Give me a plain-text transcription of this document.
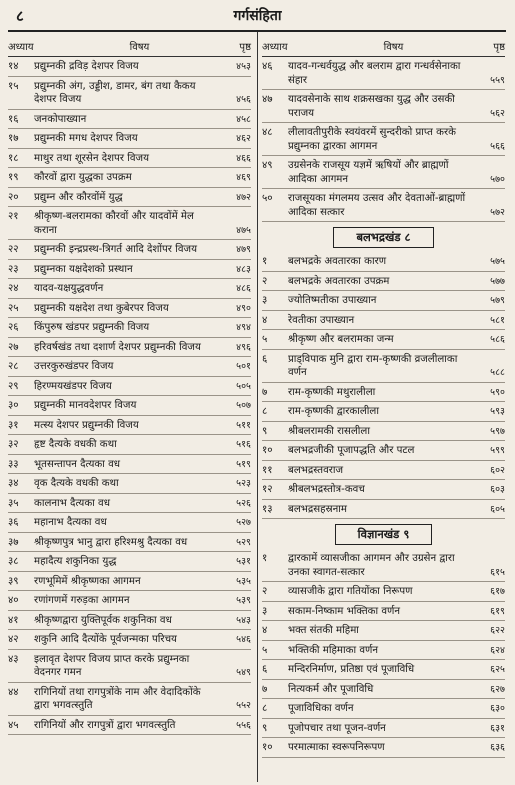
८	गर्गसंहिता
अध्याय	विषय	पृष्ठ
१४	प्रद्युम्नकी द्रविड़ देशपर विजय	४५३
१५	प्रद्युम्नकी अंग, उड्डीश, डामर, बंग तथा कैकय देशपर विजय	४५६
१६	जनकोपाख्यान	४५८
१७	प्रद्युम्नकी मगध देशपर विजय	४६२
१८	माथुर तथा शूरसेन देशपर विजय	४६६
१९	कौरवों द्वारा युद्धका उपक्रम	४६९
२०	प्रद्युम्न और कौरवोंमें युद्ध	४७२
२१	श्रीकृष्ण-बलरामका कौरवों और यादवोंमें मेल कराना	४७५
२२	प्रद्युम्नकी इन्द्रप्रस्थ-त्रिगर्त आदि देशोंपर विजय	४७९
२३	प्रद्युम्नका यक्षदेशको प्रस्थान	४८३
२४	यादव-यक्षयुद्धवर्णन	४८६
२५	प्रद्युम्नकी यक्षदेश तथा कुबेरपर विजय	४९०
२६	किंपुरुष खंडपर प्रद्युम्नकी विजय	४९४
२७	हरिवर्षखंड तथा दशार्ण देशपर प्रद्युम्नकी विजय	४९६
२८	उत्तरकुरुखंडपर विजय	५०१
२९	हिरण्मयखंडपर विजय	५०५
३०	प्रद्युम्नकी मानवदेशपर विजय	५०७
३१	मत्स्य देशपर प्रद्युम्नकी विजय	५११
३२	हृष्ट दैत्यके वधकी कथा	५१६
३३	भूतसन्तापन दैत्यका वध	५१९
३४	वृक दैत्यके वधकी कथा	५२३
३५	कालनाभ दैत्यका वध	५२६
३६	महानाभ दैत्यका वध	५२७
३७	श्रीकृष्णपुत्र भानु द्वारा हरिश्मश्रु दैत्यका वध	५२९
३८	महादैत्य शकुनिका युद्ध	५३१
३९	रणभूमिमें श्रीकृष्णका आगमन	५३५
४०	रणांगणमें गरुड़का आगमन	५३९
४१	श्रीकृष्णद्वारा युक्तिपूर्वक शकुनिका वध	५४३
४२	शकुनि आदि दैत्योंके पूर्वजन्मका परिचय	५४६
४३	इलावृत देशपर विजय प्राप्त करके प्रद्युम्नका वेदनगर गमन	५४९
४४	रागिनियों तथा रागपुत्रोंके नाम और वेदादिकोंके द्वारा भगवत्स्तुति	५५२
४५	रागिनियों और रागपुत्रों द्वारा भगवत्स्तुति	५५६
अध्याय	विषय	पृष्ठ
४६	यादव-गन्धर्वयुद्ध और बलराम द्वारा गन्धर्वसेनाका संहार	५५९
४७	यादवसेनाके साथ शक्रसखका युद्ध और उसकी पराजय	५६२
४८	लीलावतीपुरीके स्वयंवरमें सुन्दरीको प्राप्त करके प्रद्युम्नका द्वारका आगमन	५६६
४९	उग्रसेनके राजसूय यज्ञमें ऋषियों और ब्राह्मणों आदिका आगमन	५७०
५०	राजसूयका मंगलमय उत्सव और देवताओं-ब्राह्मणों आदिका सत्कार	५७२
बलभद्रखंड ८
१	बलभद्रके अवतारका कारण	५७५
२	बलभद्रके अवतारका उपक्रम	५७७
३	ज्योतिष्मतीका उपाख्यान	५७९
४	रेवतीका उपाख्यान	५८१
५	श्रीकृष्ण और बलरामका जन्म	५८६
६	प्राड्विपाक मुनि द्वारा राम-कृष्णकी व्रजलीलाका वर्णन	५८८
७	राम-कृष्णकी मथुरालीला	५९०
८	राम-कृष्णकी द्वारकालीला	५९३
९	श्रीबलरामकी रासलीला	५९७
१०	बलभद्रजीकी पूजापद्धति और पटल	५९९
११	बलभद्रस्तवराज	६०२
१२	श्रीबलभद्रस्तोत्र-कवच	६०३
१३	बलभद्रसहस्रनाम	६०५
विज्ञानखंड ९
१	द्वारकामें व्यासजीका आगमन और उग्रसेन द्वारा उनका स्वागत-सत्कार	६१५
२	व्यासजीके द्वारा गतियोंका निरूपण	६१७
३	सकाम-निष्काम भक्तिका वर्णन	६१९
४	भक्त संतकी महिमा	६२२
५	भक्तिकी महिमाका वर्णन	६२४
६	मन्दिरनिर्माण, प्रतिष्ठा एवं पूजाविधि	६२५
७	नित्यकर्म और पूजाविधि	६२७
८	पूजाविधिका वर्णन	६३०
९	पूजोपचार तथा पूजन-वर्णन	६३१
१०	परमात्माका स्वरूपनिरूपण	६३६
